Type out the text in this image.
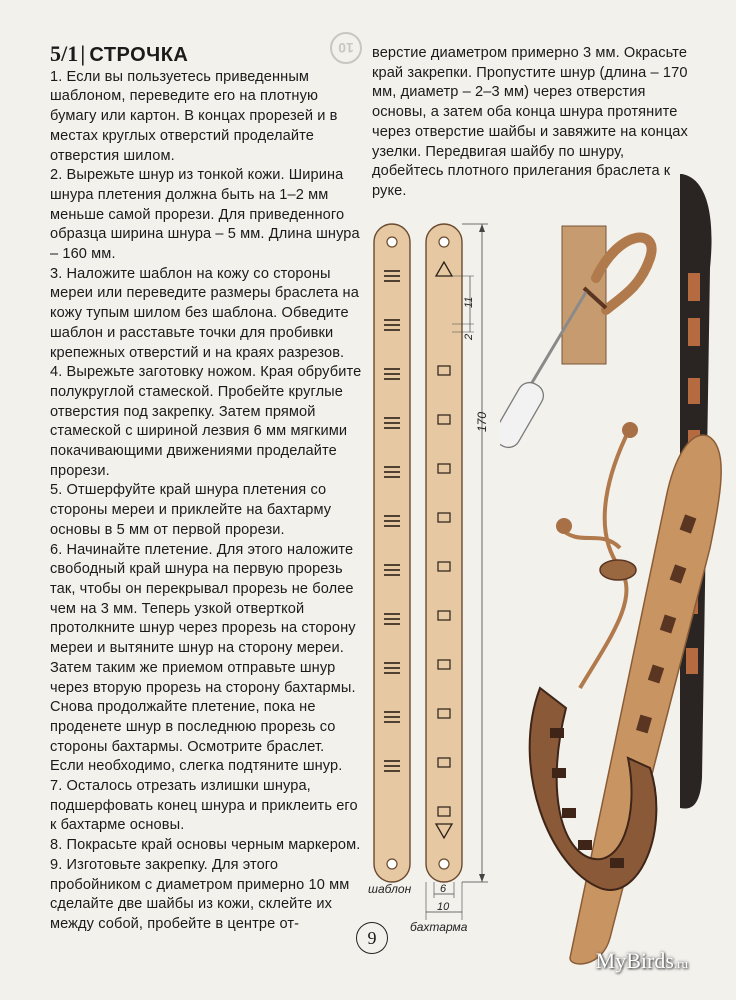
10
5/1 | СТРОЧКА

1. Если вы пользуетесь приведенным шаблоном, переведите его на плотную бумагу или картон. В концах прорезей и в местах круглых отверстий проделайте отверстия шилом.

2. Вырежьте шнур из тонкой кожи. Ширина шнура плетения должна быть на 1–2 мм меньше самой прорези. Для приведенного образца ширина шнура – 5 мм. Длина шнура – 160 мм.

3. Наложите шаблон на кожу со стороны мереи или переведите размеры браслета на кожу тупым шилом без шаблона. Обведите шаблон и расставьте точки для пробивки крепежных отверстий и на краях разрезов.

4. Вырежьте заготовку ножом. Края обрубите полукруглой стамеской. Пробейте круглые отверстия под закрепку. Затем прямой стамеской с шириной лезвия 6 мм мягкими покачивающими движениями проделайте прорези.

5. Отшерфуйте край шнура плетения со стороны мереи и приклейте на бахтарму основы в 5 мм от первой прорези.

6. Начинайте плетение. Для этого наложите свободный край шнура на первую прорезь так, чтобы он перекрывал прорезь не более чем на 3 мм. Теперь узкой отверткой протолкните шнур через прорезь на сторону мереи и вытяните шнур на сторону мереи. Затем таким же приемом отправьте шнур через вторую прорезь на сторону бахтармы. Снова продолжайте плетение, пока не проденете шнур в последнюю прорезь со стороны бахтармы. Осмотрите браслет. Если необходимо, слегка подтяните шнур.

7. Осталось отрезать излишки шнура, подшерфовать конец шнура и приклеить его к бахтарме основы.

8. Покрасьте край основы черным маркером.

9. Изготовьте закрепку. Для этого пробойником с диаметром примерно 10 мм сделайте две шайбы из кожи, склейте их между собой, пробейте в центре от-

верстие диаметром примерно 3 мм. Окрасьте край закрепки. Пропустите шнур (длина – 170 мм, диаметр – 2–3 мм) через отверстия основы, а затем оба конца шнура протяните через отверстие шайбы и завяжите на концах узелки. Передвигая шайбу по шнуру, добейтесь плотного прилегания браслета к руке.

170
11
2
6
10
шаблон
бахтарма
9
MyBirds.ru
